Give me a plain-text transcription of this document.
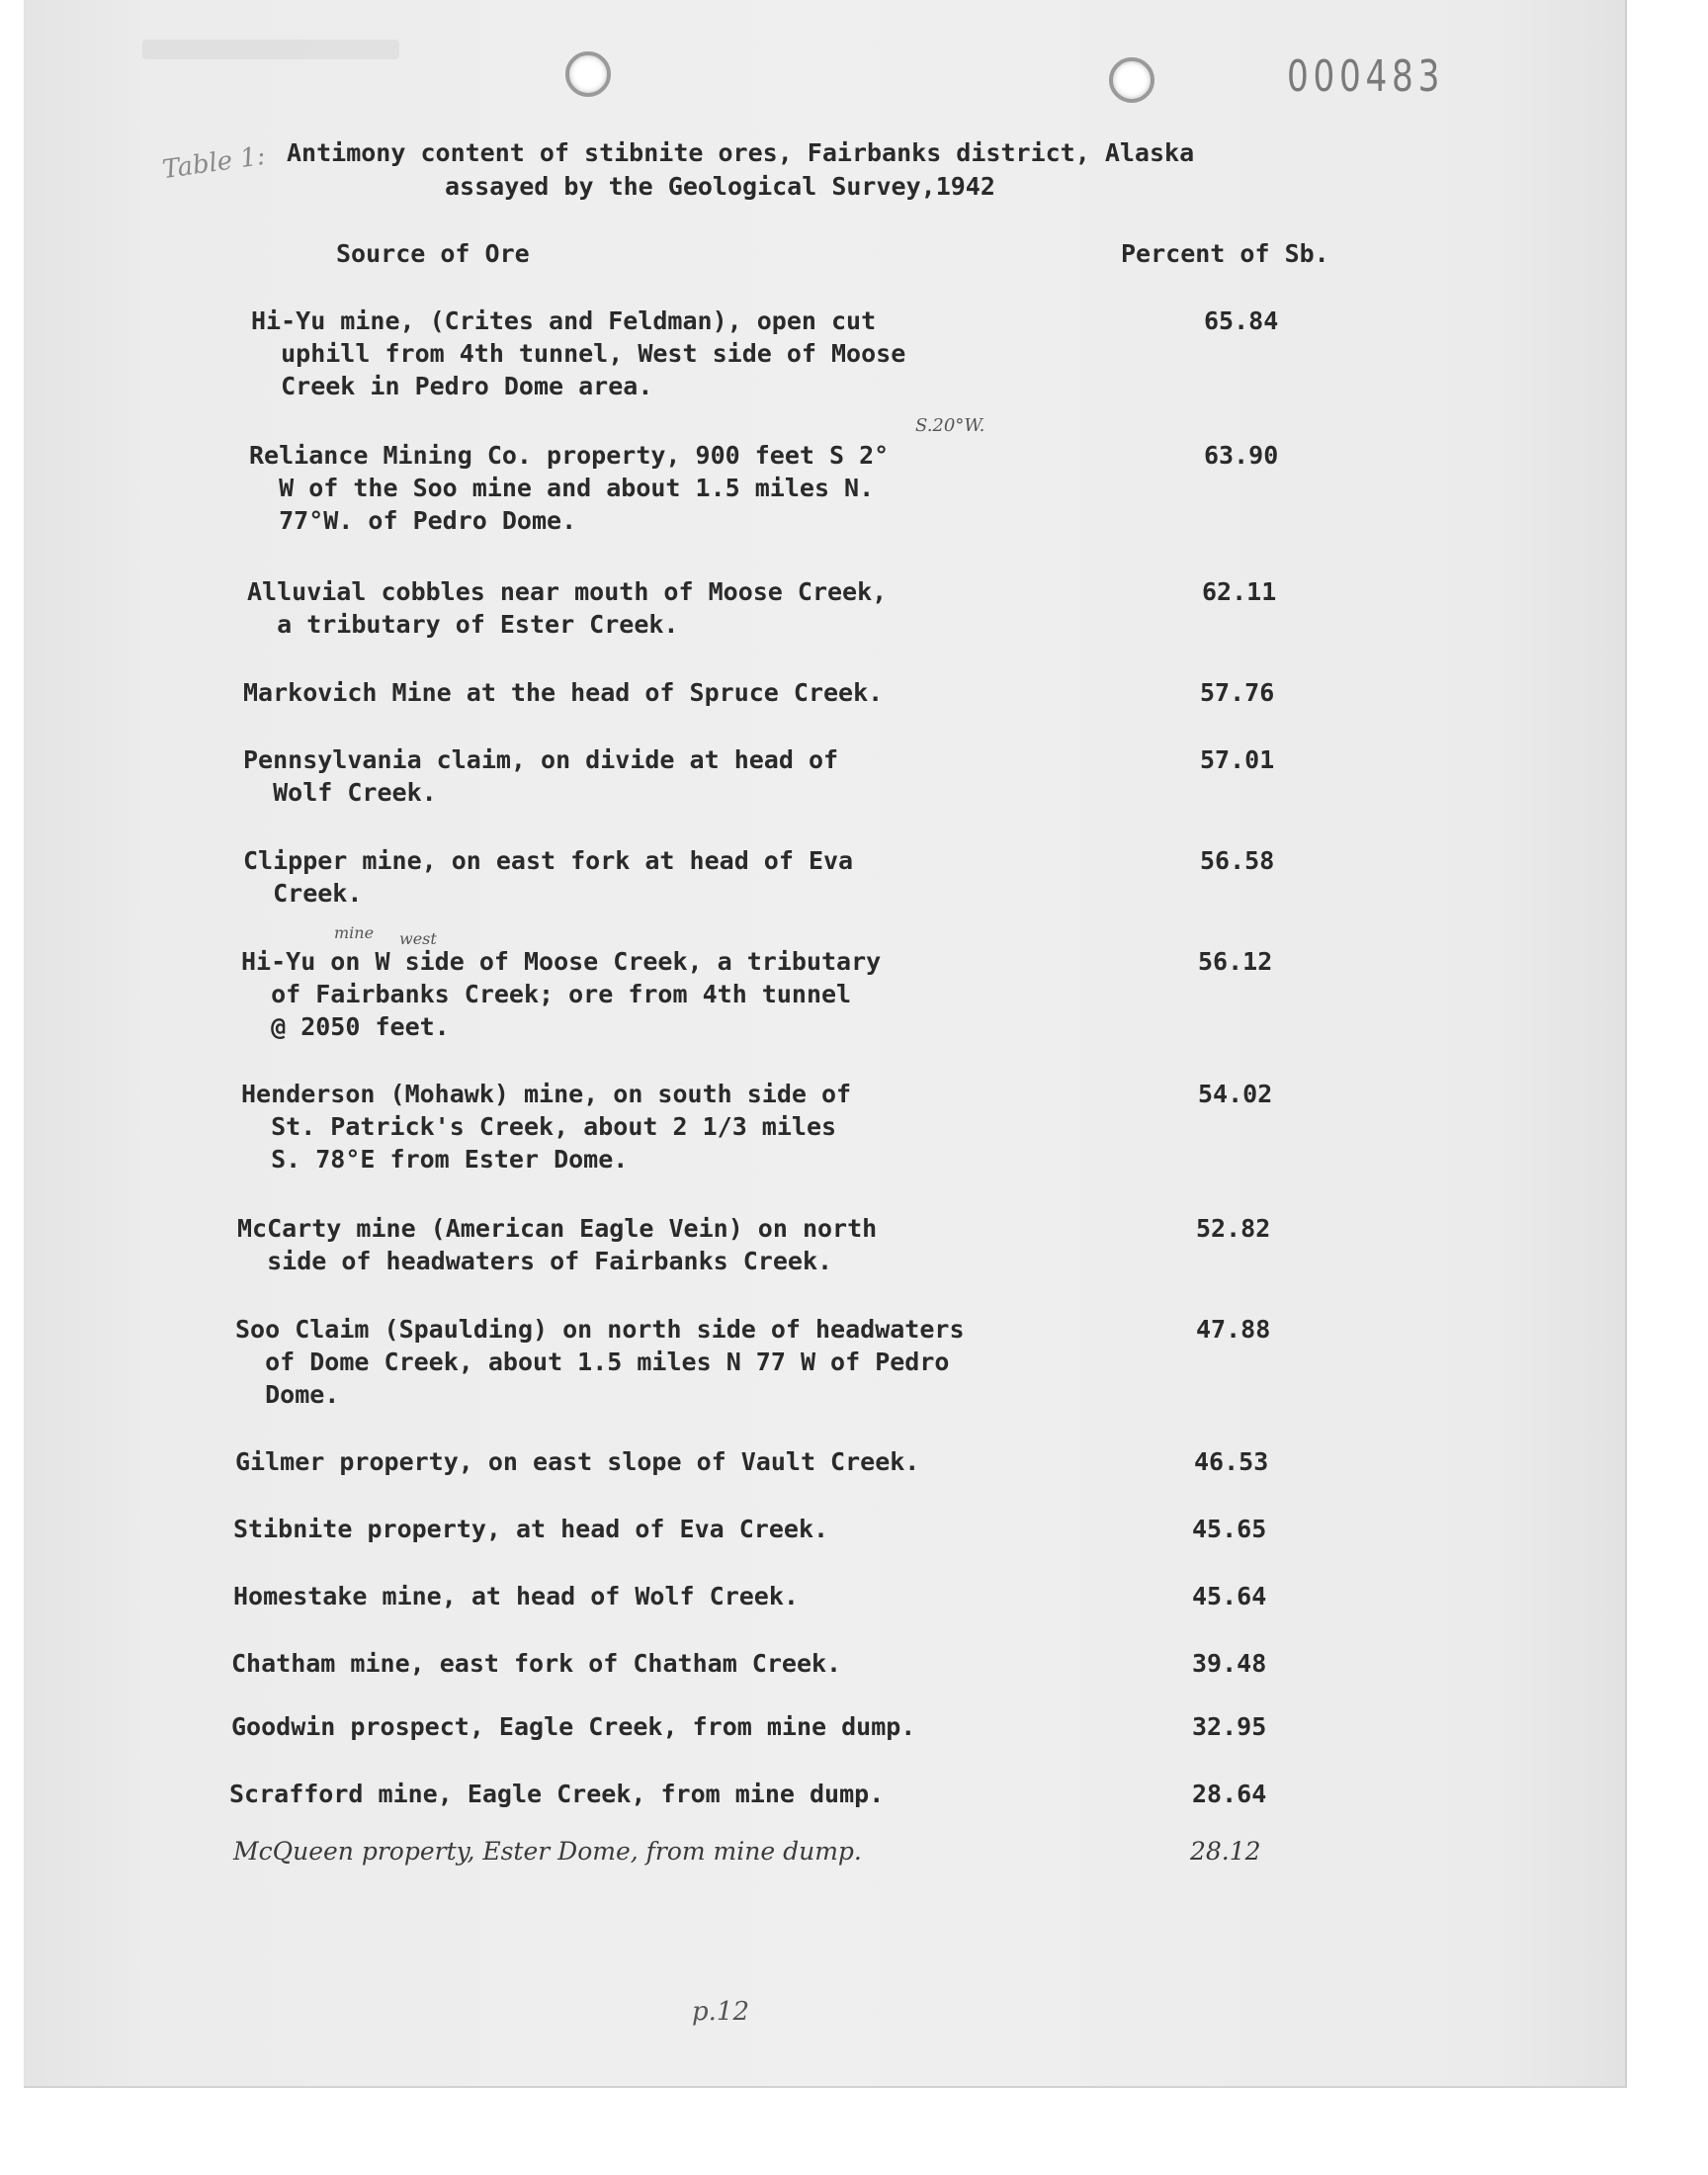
000483
Table 1: Antimony content of stibnite ores, Fairbanks district, Alaska
assayed by the Geological Survey,1942
Source of Ore	Percent of Sb.
Hi-Yu mine, (Crites and Feldman), open cut
uphill from 4th tunnel, West side of Moose
Creek in Pedro Dome area.
65.84
Reliance Mining Co. property, 900 feet S 2°
W of the Soo mine and about 1.5 miles N.
77°W. of Pedro Dome.
63.90
S.20°W.
Alluvial cobbles near mouth of Moose Creek,
a tributary of Ester Creek.
62.11
Markovich Mine at the head of Spruce Creek.	57.76
Pennsylvania claim, on divide at head of
Wolf Creek.
57.01
Clipper mine, on east fork at head of Eva
Creek.
56.58
Hi-Yu on W side of Moose Creek, a tributary
of Fairbanks Creek; ore from 4th tunnel
@ 2050 feet.
56.12
mine west
Henderson (Mohawk) mine, on south side of
St. Patrick's Creek, about 2 1/3 miles
S. 78°E from Ester Dome.
54.02
McCarty mine (American Eagle Vein) on north
side of headwaters of Fairbanks Creek.
52.82
Soo Claim (Spaulding) on north side of headwaters
of Dome Creek, about 1.5 miles N 77 W of Pedro
Dome.
47.88
Gilmer property, on east slope of Vault Creek.	46.53
Stibnite property, at head of Eva Creek.	45.65
Homestake mine, at head of Wolf Creek.	45.64
Chatham mine, east fork of Chatham Creek.	39.48
Goodwin prospect, Eagle Creek, from mine dump.	32.95
Scrafford mine, Eagle Creek, from mine dump.	28.64
McQueen property, Ester Dome, from mine dump.	28.12
p.12
